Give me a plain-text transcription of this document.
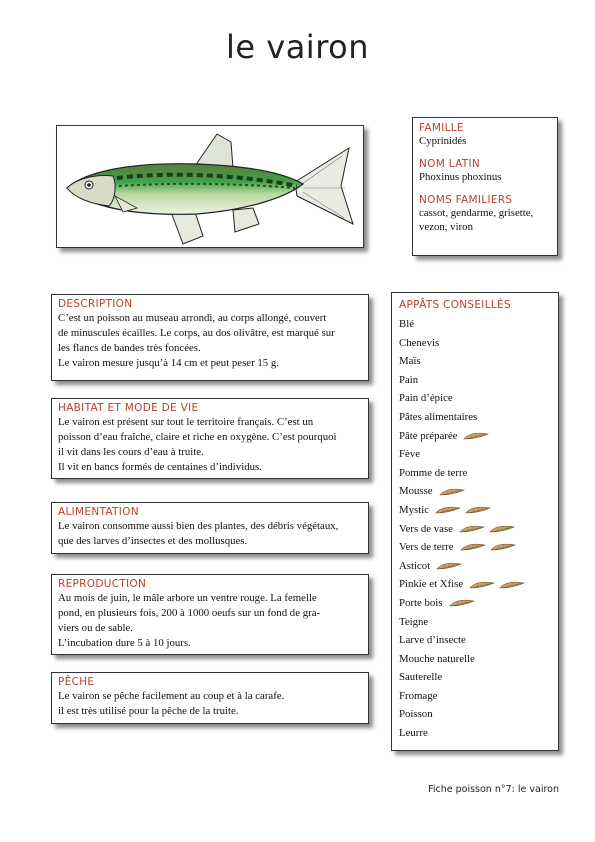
le vairon
FAMILLE
Cyprinidés
NOM LATIN
Phoxinus phoxinus
NOMS FAMILIERS
cassot, gendarme, grisette,
vezon, viron
DESCRIPTION
C’est un poisson au museau arrondi, au corps allongé, couvert
de minuscules écailles. Le corps, au dos olivâtre, est marqué sur
les flancs de bandes très foncées.
Le vairon mesure jusqu’à 14 cm et peut peser 15 g.
HABITAT ET MODE DE VIE
Le vairon est présent sur tout le territoire français. C’est un
poisson d’eau fraîche, claire et riche en oxygène. C’est pourquoi
il vit dans les cours d’eau à truite.
Il vit en bancs formés de centaines d’individus.
ALIMENTATION
Le vairon consomme aussi bien des plantes, des débris végétaux,
que des larves d’insectes et des mollusques.
REPRODUCTION
Au mois de juin, le mâle arbore un ventre rouge. La femelle
pond, en plusieurs fois, 200 à 1000 oeufs sur un fond de gra-
viers ou de sable.
L’incubation dure 5 à 10 jours.
PÊCHE
Le vairon se pêche facilement au coup et à la carafe.
il est très utilisé pour la pêche de la truite.
APPÂTS CONSEILLÉS
Blé
Chenevis
Maïs
Pain
Pain d’épice
Pâtes alimentaires
Pâte préparée
Fève
Pomme de terre
Mousse
Mystic
Vers de vase
Vers de terre
Asticot
Pinkie et Xfise
Porte bois
Teigne
Larve d’insecte
Mouche naturelle
Sauterelle
Fromage
Poisson
Leurre
Fiche poisson n°7: le vairon
